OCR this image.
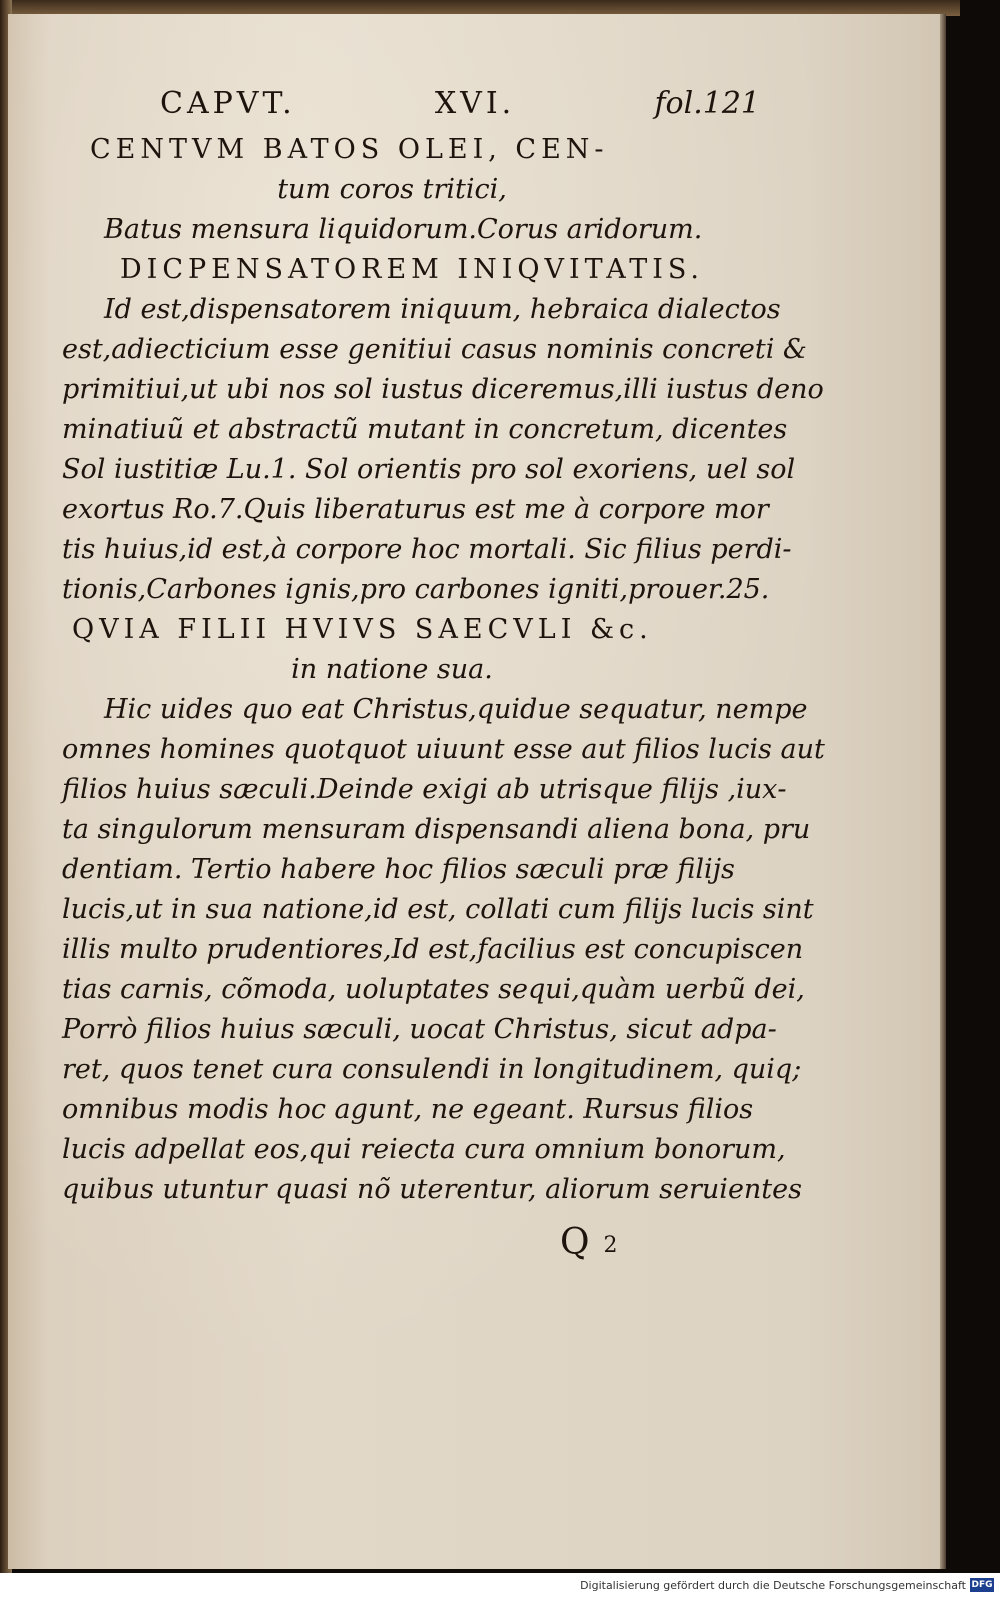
CAPVT.	XVI.	fol.121
CENTVM BATOS OLEI, CEN‑
tum coros tritici,
Batus mensura liquidorum.Corus aridorum.
DICPENSATOREM INIQVITATIS.
Id est,dispensatorem iniquum, hebraica dialectos
est,adiecticium esse genitiui casus nominis concreti &
primitiui,ut ubi nos sol iustus diceremus,illi iustus deno
minatiuũ et abstractũ mutant in concretum, dicentes
Sol iustitiæ Lu.1. Sol orientis pro sol exoriens, uel sol
exortus Ro.7.Quis liberaturus est me à corpore mor
tis huius,id est,à corpore hoc mortali. Sic filius perdi‑
tionis,Carbones ignis,pro carbones igniti,prouer.25.
QVIA FILII HVIVS SAECVLI &c.
in natione sua.
Hic uides quo eat Christus,quidue sequatur, nempe
omnes homines quotquot uiuunt esse aut filios lucis aut
filios huius sæculi.Deinde exigi ab utrisque filijs ,iux‑
ta singulorum mensuram dispensandi aliena bona, pru
dentiam. Tertio habere hoc filios sæculi præ filijs
lucis,ut in sua natione,id est, collati cum filijs lucis sint
illis multo prudentiores,Id est,facilius est concupiscen
tias carnis, cõmoda, uoluptates sequi,quàm uerbũ dei,
Porrò filios huius sæculi, uocat Christus, sicut adpa‑
ret, quos tenet cura consulendi in longitudinem, quiq;
omnibus modis hoc agunt, ne egeant. Rursus filios
lucis adpellat eos,qui reiecta cura omnium bonorum,
quibus utuntur quasi nõ uterentur, aliorum seruientes
Q 2
Digitalisierung gefördert durch die Deutsche Forschungsgemeinschaft DFG
